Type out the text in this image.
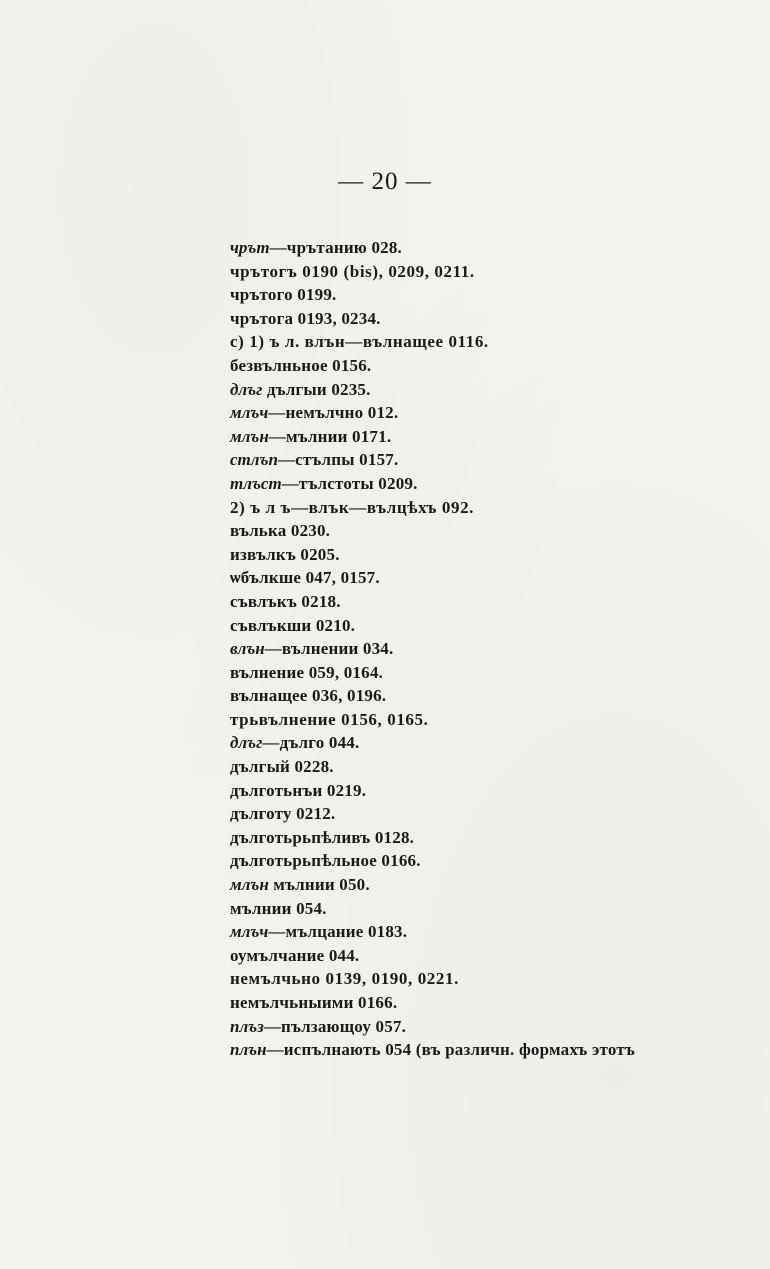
— 20 —
чрът—чрътанию 028.
чрътогъ 0190 (bis), 0209, 0211.
чрътого 0199.
чрътога 0193, 0234.
c) 1) ъ л. влън—вълнащее 0116.
безвълньное 0156.
длъг дългыи 0235.
млъч—немълчно 012.
млън—мълнии 0171.
стлъп—стълпы 0157.
тлъст—тълстоты 0209.
2) ъ л ъ—влък—вълцѣхъ 092.
вълька 0230.
извълкъ 0205.
ѡбълкше 047, 0157.
съвлъкъ 0218.
съвлъкши 0210.
влън—вълнении 034.
вълнение 059, 0164.
вълнащее 036, 0196.
трьвълнение 0156, 0165.
длъг—дълго 044.
дългый 0228.
дълготьнъи 0219.
дълготу 0212.
дълготьрьпѣливъ 0128.
дълготьрьпѣльное 0166.
млън мълнии 050.
мълнии 054.
млъч—мълцание 0183.
оумълчание 044.
немълчьно 0139, 0190, 0221.
немълчьныими 0166.
плъз—пълзающоу 057.
плън—испълнають 054 (въ различн. формахъ этотъ
